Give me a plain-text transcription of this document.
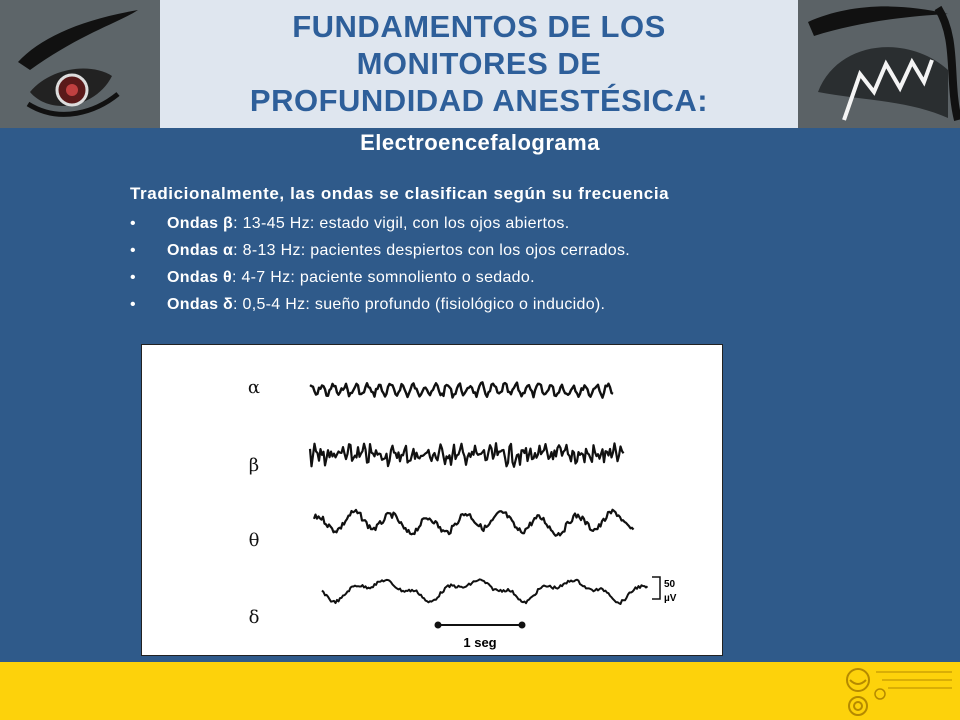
FUNDAMENTOS DE LOS
MONITORES DE
PROFUNDIDAD ANESTÉSICA:
Electroencefalograma
Tradicionalmente, las ondas se clasifican según su frecuencia
• Ondas β: 13-45 Hz: estado vigil, con los ojos abiertos.
• Ondas α: 8-13 Hz: pacientes despiertos con los ojos cerrados.
• Ondas θ: 4-7 Hz: paciente somnoliento o sedado.
• Ondas δ: 0,5-4 Hz: sueño profundo (fisiológico o inducido).
50
µV
1 seg
α
β
θ
δ
